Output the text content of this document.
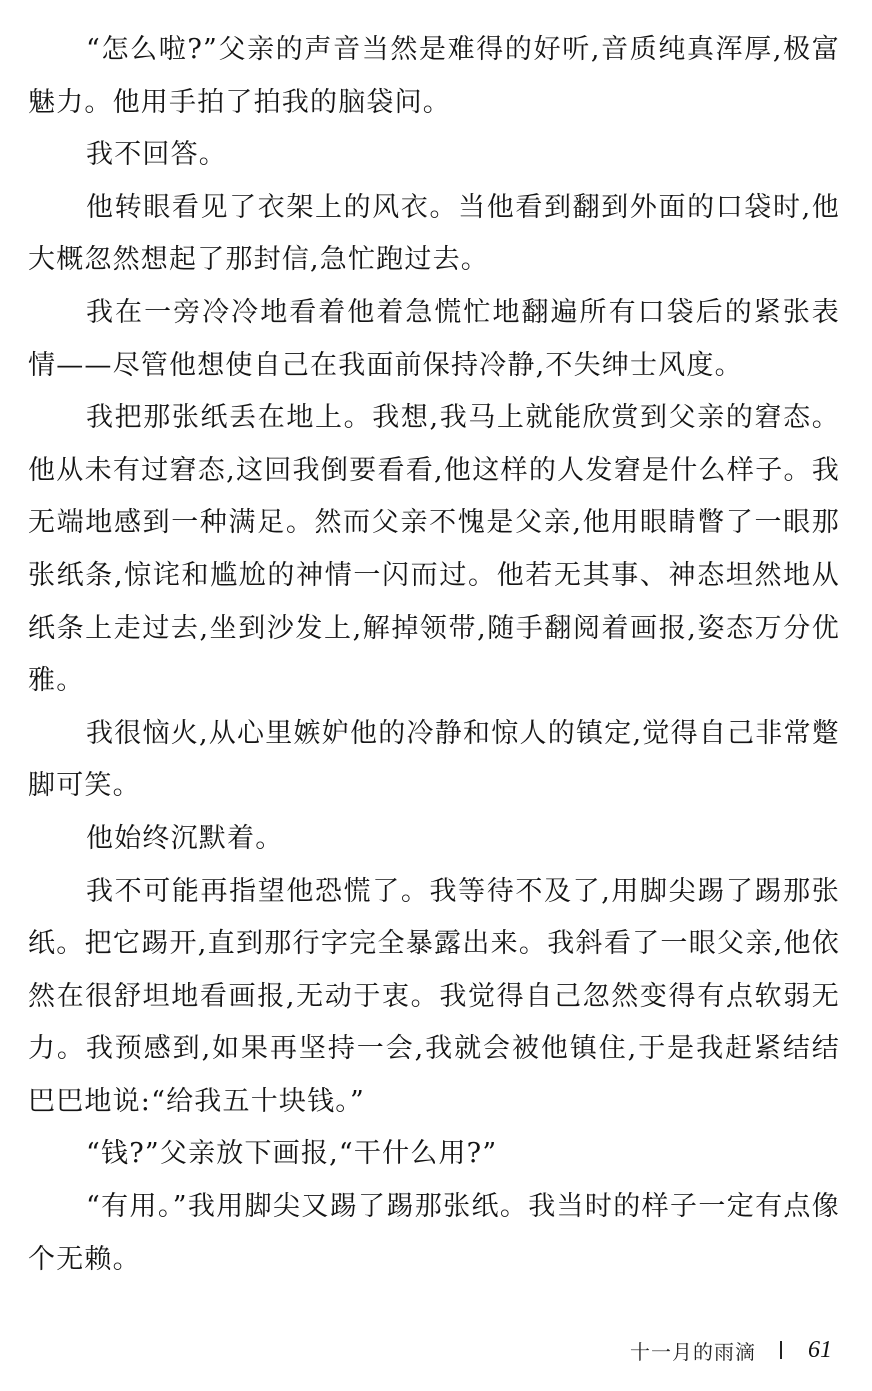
“怎么啦?”父亲的声音当然是难得的好听,音质纯真浑厚,极富魅力。他用手拍了拍我的脑袋问。

我不回答。

他转眼看见了衣架上的风衣。当他看到翻到外面的口袋时,他大概忽然想起了那封信,急忙跑过去。

我在一旁冷冷地看着他着急慌忙地翻遍所有口袋后的紧张表情——尽管他想使自己在我面前保持冷静,不失绅士风度。

我把那张纸丢在地上。我想,我马上就能欣赏到父亲的窘态。他从未有过窘态,这回我倒要看看,他这样的人发窘是什么样子。我无端地感到一种满足。然而父亲不愧是父亲,他用眼睛瞥了一眼那张纸条,惊诧和尴尬的神情一闪而过。他若无其事、神态坦然地从纸条上走过去,坐到沙发上,解掉领带,随手翻阅着画报,姿态万分优雅。

我很恼火,从心里嫉妒他的冷静和惊人的镇定,觉得自己非常蹩脚可笑。

他始终沉默着。

我不可能再指望他恐慌了。我等待不及了,用脚尖踢了踢那张纸。把它踢开,直到那行字完全暴露出来。我斜看了一眼父亲,他依然在很舒坦地看画报,无动于衷。我觉得自己忽然变得有点软弱无力。我预感到,如果再坚持一会,我就会被他镇住,于是我赶紧结结巴巴地说:“给我五十块钱。”

“钱?”父亲放下画报,“干什么用?”

“有用。”我用脚尖又踢了踢那张纸。我当时的样子一定有点像个无赖。

十一月的雨滴 61
